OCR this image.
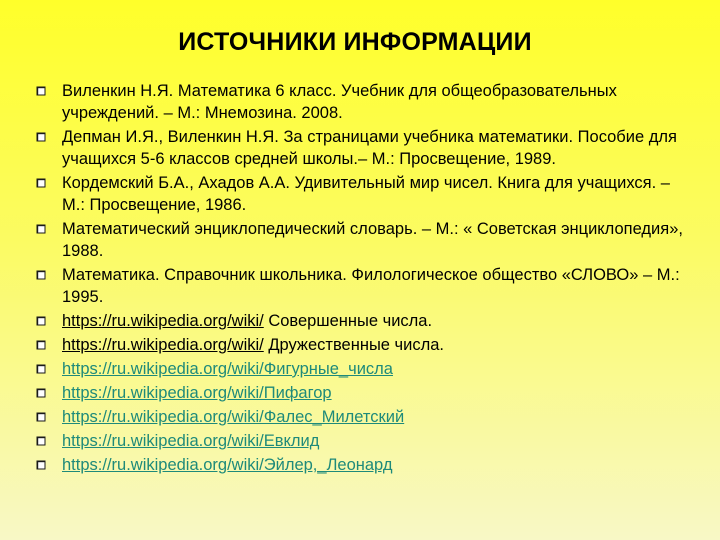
ИСТОЧНИКИ ИНФОРМАЦИИ
Виленкин Н.Я. Математика 6 класс. Учебник для общеобразовательных учреждений. – М.: Мнемозина. 2008.
Депман И.Я., Виленкин Н.Я. За страницами учебника математики. Пособие для учащихся 5-6 классов средней школы.– М.: Просвещение, 1989.
Кордемский Б.А., Ахадов А.А. Удивительный мир чисел. Книга для учащихся. – М.: Просвещение, 1986.
Математический энциклопедический словарь. – М.: « Советская энциклопедия», 1988.
Математика. Справочник школьника. Филологическое общество «СЛОВО» – М.: 1995.
https://ru.wikipedia.org/wiki/ Совершенные числа.
https://ru.wikipedia.org/wiki/ Дружественные числа.
https://ru.wikipedia.org/wiki/Фигурные_числа
https://ru.wikipedia.org/wiki/Пифагор
https://ru.wikipedia.org/wiki/Фалес_Милетский
https://ru.wikipedia.org/wiki/Евклид
https://ru.wikipedia.org/wiki/Эйлер,_Леонард
